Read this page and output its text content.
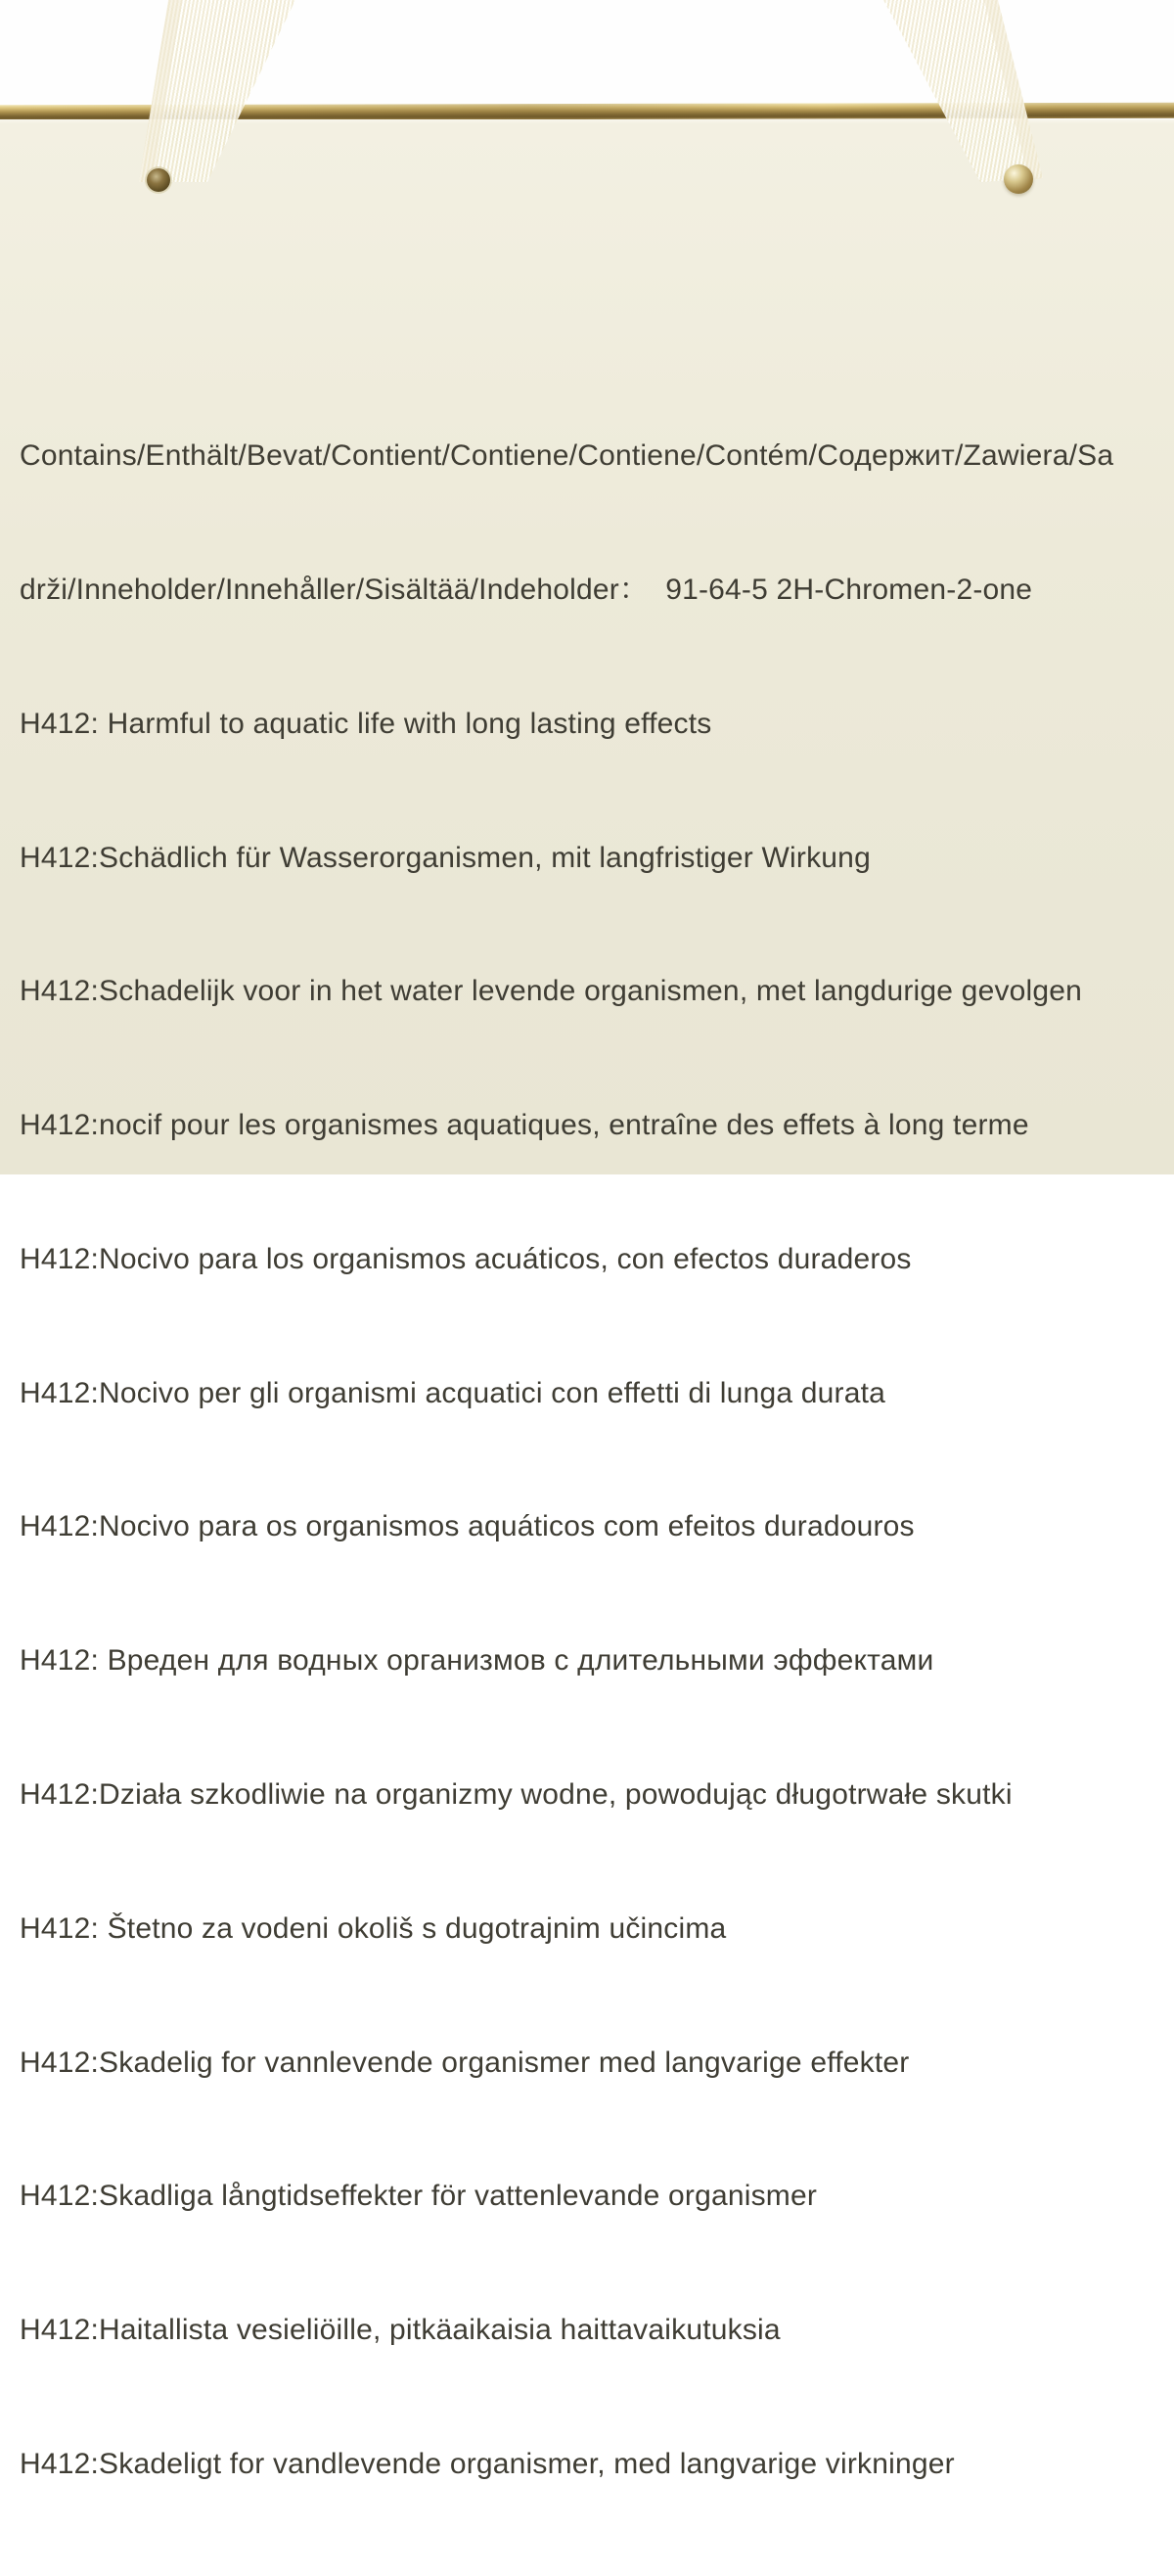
Contains/Enthält/Bevat/Contient/Contiene/Contiene/Contém/Содержит/Zawiera/Sa

drži/Inneholder/Innehåller/Sisältää/Indeholder：  91-64-5 2H-Chromen-2-one

H412: Harmful to aquatic life with long lasting effects

H412:Schädlich für Wasserorganismen, mit langfristiger Wirkung

H412:Schadelijk voor in het water levende organismen, met langdurige gevolgen

H412:nocif pour les organismes aquatiques, entraîne des effets à long terme

H412:Nocivo para los organismos acuáticos, con efectos duraderos

H412:Nocivo per gli organismi acquatici con effetti di lunga durata

H412:Nocivo para os organismos aquáticos com efeitos duradouros

H412: Вреден для водных организмов с длительными эффектами

H412:Działa szkodliwie na organizmy wodne, powodując długotrwałe skutki

H412: Štetno za vodeni okoliš s dugotrajnim učincima

H412:Skadelig for vannlevende organismer med langvarige effekter

H412:Skadliga långtidseffekter för vattenlevande organismer

H412:Haitallista vesieliöille, pitkäaikaisia haittavaikutuksia

H412:Skadeligt for vandlevende organismer, med langvarige virkninger
